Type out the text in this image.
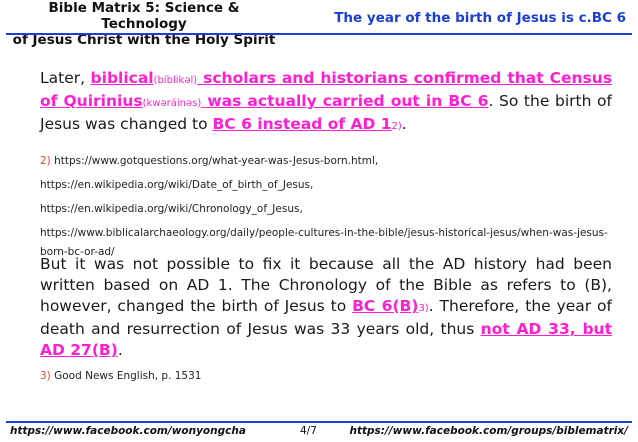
Bible Matrix 5: Science & Technology
of Jesus Christ with the Holy Spirit
The year of the birth of Jesus is c.BC 6
Later, biblical(bíblikəl) scholars and historians confirmed that Census of Quirinius(kwəráinəs) was actually carried out in BC 6. So the birth of Jesus was changed to BC 6 instead of AD 12).
2) https://www.gotquestions.org/what-year-was-Jesus-born.html,
https://en.wikipedia.org/wiki/Date_of_birth_of_Jesus,
https://en.wikipedia.org/wiki/Chronology_of_Jesus,
https://www.biblicalarchaeology.org/daily/people-cultures-in-the-bible/jesus-historical-jesus/when-was-jesus-born-bc-or-ad/
But it was not possible to fix it because all the AD history had been written based on AD 1. The Chronology of the Bible as refers to (B), however, changed the birth of Jesus to BC 6(B)3). Therefore, the year of death and resurrection of Jesus was 33 years old, thus not AD 33, but AD 27(B).
3) Good News English, p. 1531
https://www.facebook.com/wonyongcha	4/7	https://www.facebook.com/groups/biblematrix/
